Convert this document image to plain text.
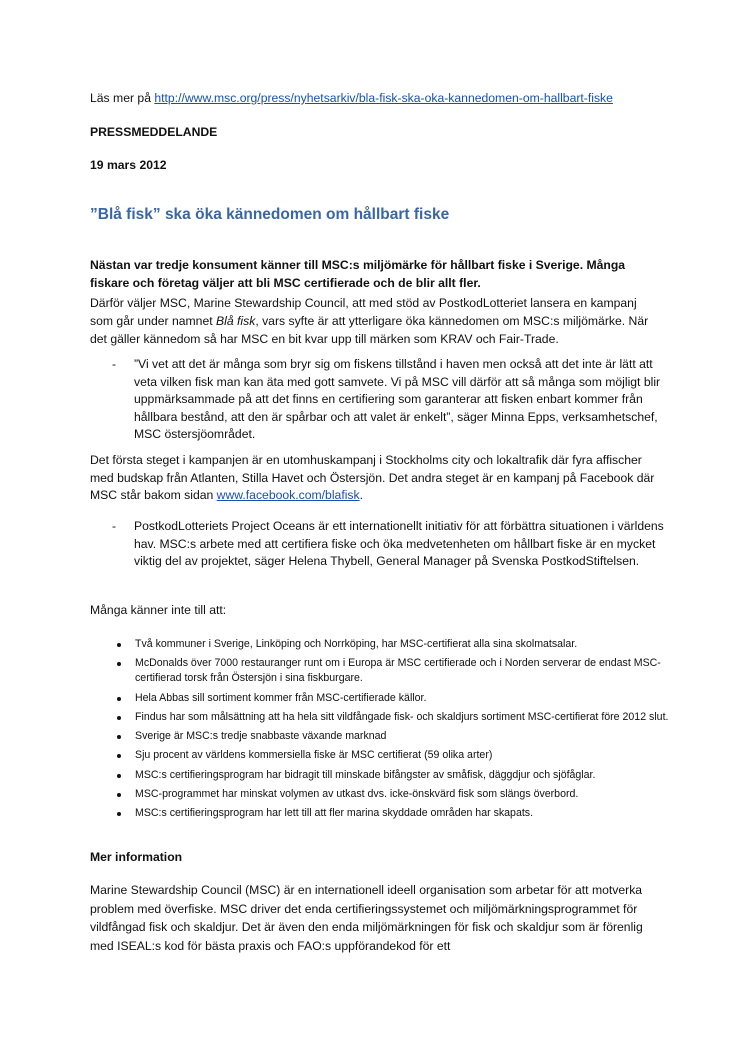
Läs mer på http://www.msc.org/press/nyhetsarkiv/bla-fisk-ska-oka-kannedomen-om-hallbart-fiske
PRESSMEDDELANDE
19 mars 2012
”Blå fisk” ska öka kännedomen om hållbart fiske
Nästan var tredje konsument känner till MSC:s miljömärke för hållbart fiske i Sverige. Många fiskare och företag väljer att bli MSC certifierade och de blir allt fler.
Därför väljer MSC, Marine Stewardship Council, att med stöd av PostkodLotteriet lansera en kampanj som går under namnet Blå fisk, vars syfte är att ytterligare öka kännedomen om MSC:s miljömärke. När det gäller kännedom så har MSC en bit kvar upp till märken som KRAV och Fair-Trade.
- ”Vi vet att det är många som bryr sig om fiskens tillstånd i haven men också att det inte är lätt att veta vilken fisk man kan äta med gott samvete. Vi på MSC vill därför att så många som möjligt blir uppmärksammade på att det finns en certifiering som garanterar att fisken enbart kommer från hållbara bestånd, att den är spårbar och att valet är enkelt”, säger Minna Epps, verksamhetschef, MSC östersjöområdet.
Det första steget i kampanjen är en utomhuskampanj i Stockholms city och lokaltrafik där fyra affischer med budskap från Atlanten, Stilla Havet och Östersjön. Det andra steget är en kampanj på Facebook där MSC står bakom sidan www.facebook.com/blafisk.
- PostkodLotteriets Project Oceans är ett internationellt initiativ för att förbättra situationen i världens hav. MSC:s arbete med att certifiera fiske och öka medvetenheten om hållbart fiske är en mycket viktig del av projektet, säger Helena Thybell, General Manager på Svenska PostkodStiftelsen.
Många känner inte till att:
Två kommuner i Sverige, Linköping och Norrköping, har MSC-certifierat alla sina skolmatsalar.
McDonalds över 7000 restauranger runt om i Europa är MSC certifierade och i Norden serverar de endast MSC-certifierad torsk från Östersjön i sina fiskburgare.
Hela Abbas sill sortiment kommer från MSC-certifierade källor.
Findus har som målsättning att ha hela sitt vildfångade fisk- och skaldjurs sortiment MSC-certifierat före 2012 slut.
Sverige är MSC:s tredje snabbaste växande marknad
Sju procent av världens kommersiella fiske är MSC certifierat (59 olika arter)
MSC:s certifieringsprogram har bidragit till minskade bifångster av småfisk, däggdjur och sjöfåglar.
MSC-programmet har minskat volymen av utkast dvs. icke-önskvärd fisk som slängs överbord.
MSC:s certifieringsprogram har lett till att fler marina skyddade områden har skapats.
Mer information
Marine Stewardship Council (MSC) är en internationell ideell organisation som arbetar för att motverka problem med överfiske. MSC driver det enda certifieringssystemet och miljömärkningsprogrammet för vildfångad fisk och skaldjur. Det är även den enda miljömärkningen för fisk och skaldjur som är förenlig med ISEAL:s kod för bästa praxis och FAO:s uppförandekod för ett
